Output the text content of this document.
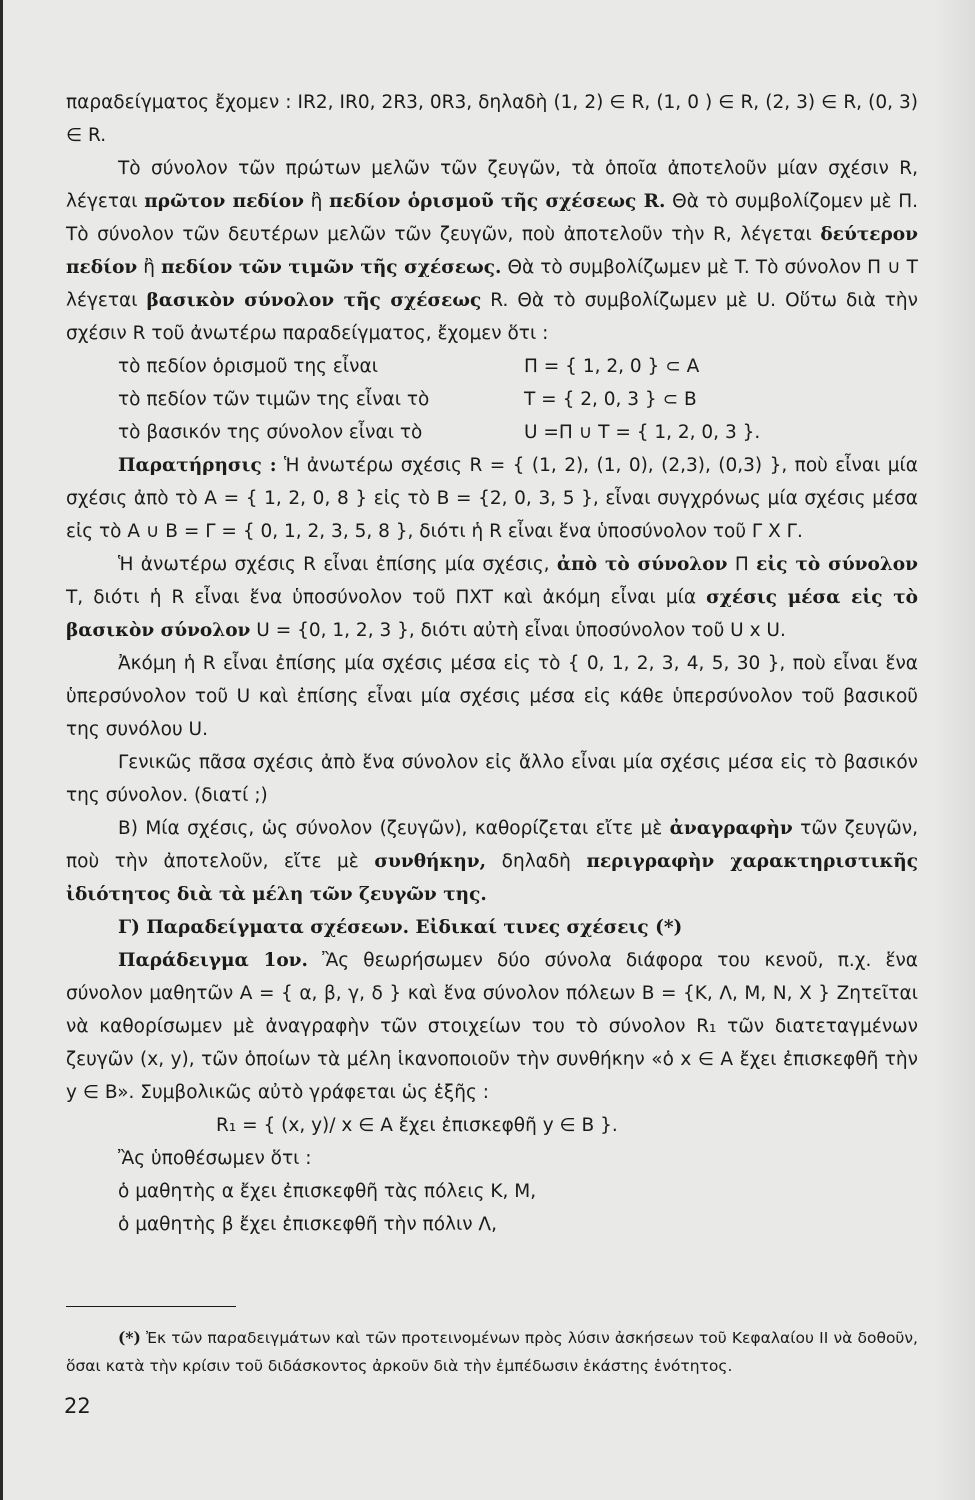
παραδείγματος ἔχομεν : IR2, IR0, 2R3, 0R3, δηλαδὴ (1, 2) ∈ R, (1, 0 ) ∈ R, (2, 3) ∈ R, (0, 3) ∈ R.

Τὸ σύνολον τῶν πρώτων μελῶν τῶν ζευγῶν, τὰ ὁποῖα ἀποτελοῦν μίαν σχέσιν R, λέγεται πρῶτον πεδίον ἢ πεδίον ὁρισμοῦ τῆς σχέσεως R. Θὰ τὸ συμβολίζομεν μὲ Π. Τὸ σύνολον τῶν δευτέρων μελῶν τῶν ζευγῶν, ποὺ ἀποτελοῦν τὴν R, λέγεται δεύτερον πεδίον ἢ πεδίον τῶν τιμῶν τῆς σχέσεως. Θὰ τὸ συμβολίζωμεν μὲ T. Τὸ σύνολον Π ∪ T λέγεται βασικὸν σύνολον τῆς σχέσεως R. Θὰ τὸ συμβολίζωμεν μὲ U. Οὕτω διὰ τὴν σχέσιν R τοῦ ἀνωτέρω παραδείγματος, ἔχομεν ὅτι :

τὸ πεδίον ὁρισμοῦ της εἶναι	Π = { 1, 2, 0 } ⊂ A
τὸ πεδίον τῶν τιμῶν της εἶναι τὸ	T = { 2, 0, 3 } ⊂ B
τὸ βασικόν της σύνολον εἶναι τὸ	U =Π ∪ T = { 1, 2, 0, 3 }.

Παρατήρησις : Ἡ ἀνωτέρω σχέσις R = { (1, 2), (1, 0), (2,3), (0,3) }, ποὺ εἶναι μία σχέσις ἀπὸ τὸ A = { 1, 2, 0, 8 } εἰς τὸ B = {2, 0, 3, 5 }, εἶναι συγχρόνως μία σχέσις μέσα εἰς τὸ A ∪ B = Γ = { 0, 1, 2, 3, 5, 8 }, διότι ἡ R εἶναι ἕνα ὑποσύνολον τοῦ Γ X Γ.

Ἡ ἀνωτέρω σχέσις R εἶναι ἐπίσης μία σχέσις, ἀπὸ τὸ σύνολον Π εἰς τὸ σύνολον T, διότι ἡ R εἶναι ἕνα ὑποσύνολον τοῦ ΠXT καὶ ἀκόμη εἶναι μία σχέσις μέσα εἰς τὸ βασικὸν σύνολον U = {0, 1, 2, 3 }, διότι αὐτὴ εἶναι ὑποσύνολον τοῦ U x U.

Ἀκόμη ἡ R εἶναι ἐπίσης μία σχέσις μέσα εἰς τὸ { 0, 1, 2, 3, 4, 5, 30 }, ποὺ εἶναι ἕνα ὑπερσύνολον τοῦ U καὶ ἐπίσης εἶναι μία σχέσις μέσα εἰς κάθε ὑπερσύνολον τοῦ βασικοῦ της συνόλου U.

Γενικῶς πᾶσα σχέσις ἀπὸ ἕνα σύνολον εἰς ἄλλο εἶναι μία σχέσις μέσα εἰς τὸ βασικόν της σύνολον. (διατί ;)

B) Μία σχέσις, ὡς σύνολον (ζευγῶν), καθορίζεται εἴτε μὲ ἀναγραφὴν τῶν ζευγῶν, ποὺ τὴν ἀποτελοῦν, εἴτε μὲ συνθήκην, δηλαδὴ περιγραφὴν χαρακτηριστικῆς ἰδιότητος διὰ τὰ μέλη τῶν ζευγῶν της.

Γ) Παραδείγματα σχέσεων. Εἰδικαί τινες σχέσεις (*)

Παράδειγμα 1ον. Ἂς θεωρήσωμεν δύο σύνολα διάφορα του κενοῦ, π.χ. ἕνα σύνολον μαθητῶν A = { α, β, γ, δ } καὶ ἕνα σύνολον πόλεων B = {K, Λ, M, N, X } Ζητεῖται νὰ καθορίσωμεν μὲ ἀναγραφὴν τῶν στοιχείων του τὸ σύνολον R₁ τῶν διατεταγμένων ζευγῶν (x, y), τῶν ὁποίων τὰ μέλη ἱκανοποιοῦν τὴν συνθήκην «ὁ x ∈ A ἔχει ἐπισκεφθῆ τὴν y ∈ B». Συμβολικῶς αὐτὸ γράφεται ὡς ἑξῆς :

R₁ = { (x, y)/ x ∈ A ἔχει ἐπισκεφθῆ y ∈ B }.

Ἂς ὑποθέσωμεν ὅτι :

ὁ μαθητὴς α ἔχει ἐπισκεφθῆ τὰς πόλεις K, M,

ὁ μαθητὴς β ἔχει ἐπισκεφθῆ τὴν πόλιν Λ,

(*) Ἐκ τῶν παραδειγμάτων καὶ τῶν προτεινομένων πρὸς λύσιν ἀσκήσεων τοῦ Κεφαλαίου II νὰ δοθοῦν, ὅσαι κατὰ τὴν κρίσιν τοῦ διδάσκοντος ἀρκοῦν διὰ τὴν ἐμπέδωσιν ἑκάστης ἑνότητος.

22
